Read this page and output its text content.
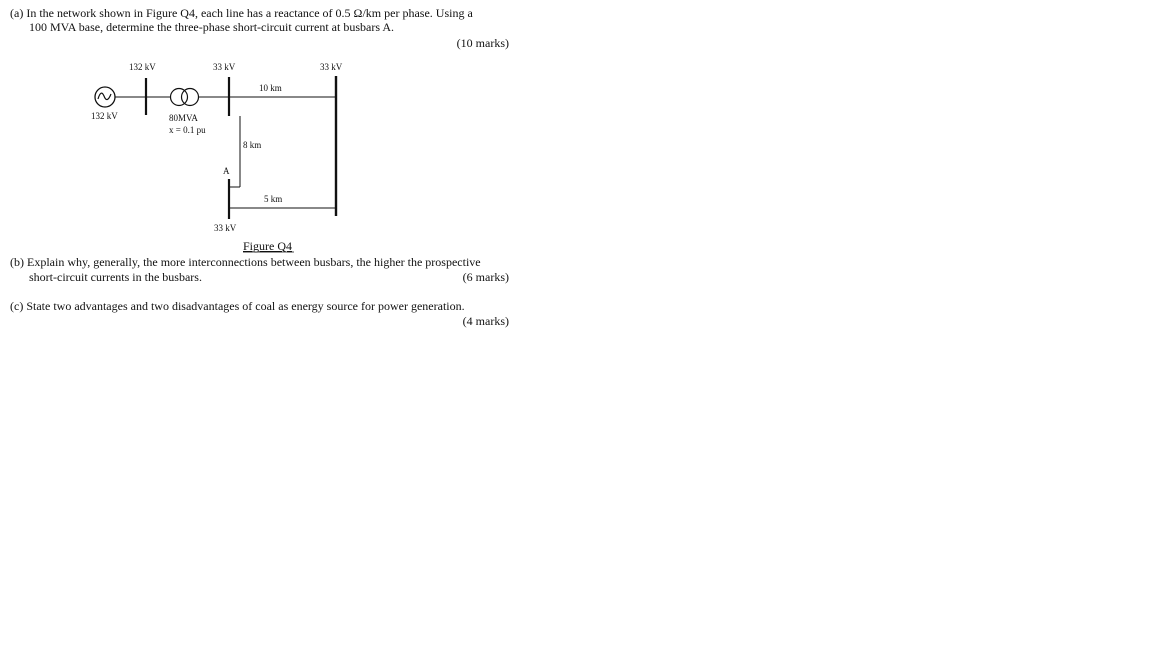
(a) In the network shown in Figure Q4, each line has a reactance of 0.5 Ω/km per phase. Using a
100 MVA base, determine the three-phase short-circuit current at busbars A.
(10 marks)
132 kV
132 kV
33 kV	33 kV
10 km
80MVA
x = 0.1 pu
8 km
A
5 km
33 kV
Figure Q4
(b) Explain why, generally, the more interconnections between busbars, the higher the prospective
short-circuit currents in the busbars.	(6 marks)
(c) State two advantages and two disadvantages of coal as energy source for power generation.
(4 marks)
